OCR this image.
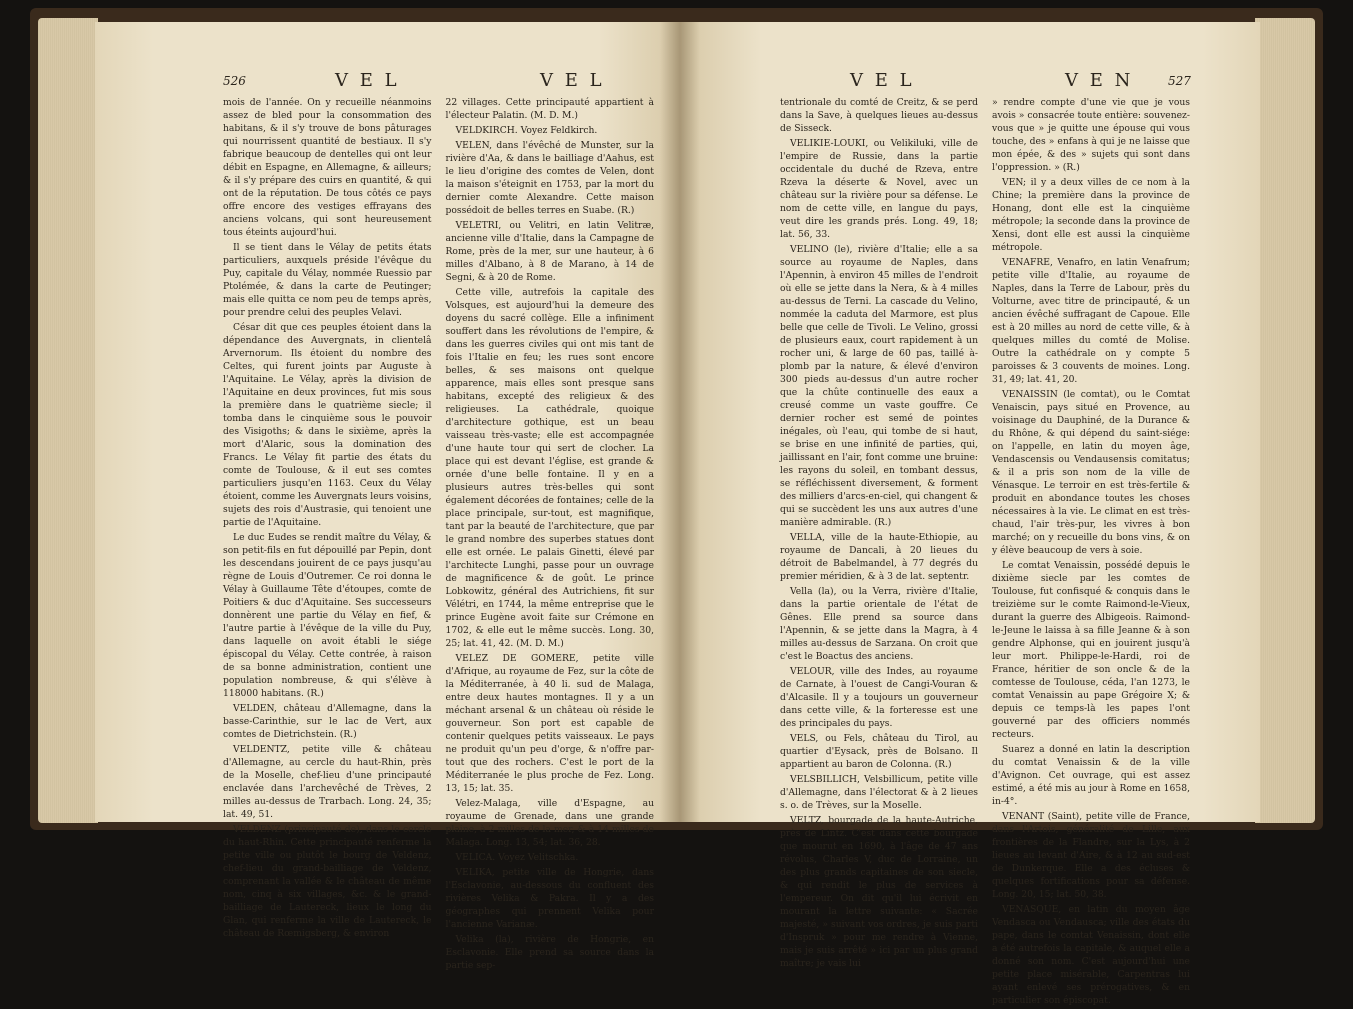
526	V E L	V E L

mois de l'année. On y recueille néanmoins assez de bled pour la consommation des habitans, & il s'y trouve de bons pâturages qui nourrissent quantité de bestiaux. Il s'y fabrique beaucoup de dentelles qui ont leur débit en Espagne, en Allemagne, & ailleurs; & il s'y prépare des cuirs en quantité, & qui ont de la réputation. De tous côtés ce pays offre encore des vestiges effrayans des anciens volcans, qui sont heureusement tous éteints aujourd'hui.

Il se tient dans le Vélay de petits états particuliers, auxquels préside l'évêque du Puy, capitale du Vélay, nommée Ruessio par Ptolémée, & dans la carte de Peutinger; mais elle quitta ce nom peu de temps après, pour prendre celui des peuples Velavi.

César dit que ces peuples étoient dans la dépendance des Auvergnats, in clientelâ Arvernorum. Ils étoient du nombre des Celtes, qui furent joints par Auguste à l'Aquitaine. Le Vélay, après la division de l'Aquitaine en deux provinces, fut mis sous la première dans le quatrième siecle; il tomba dans le cinquième sous le pouvoir des Visigoths; & dans le sixième, après la mort d'Alaric, sous la domination des Francs. Le Vélay fit partie des états du comte de Toulouse, & il eut ses comtes particuliers jusqu'en 1163. Ceux du Vélay étoient, comme les Auvergnats leurs voisins, sujets des rois d'Austrasie, qui tenoient une partie de l'Aquitaine.

Le duc Eudes se rendit maître du Vélay, & son petit-fils en fut dépouillé par Pepin, dont les descendans jouirent de ce pays jusqu'au règne de Louis d'Outremer. Ce roi donna le Vélay à Guillaume Tête d'étoupes, comte de Poitiers & duc d'Aquitaine. Ses successeurs donnèrent une partie du Vélay en fief, & l'autre partie à l'évêque de la ville du Puy, dans laquelle on avoit établi le siége épiscopal du Vélay. Cette contrée, à raison de sa bonne administration, contient une population nombreuse, & qui s'élève à 118000 habitans. (R.)

VELDEN, château d'Allemagne, dans la basse-Carinthie, sur le lac de Vert, aux comtes de Dietrichstein. (R.)

VELDENTZ, petite ville & château d'Allemagne, au cercle du haut-Rhin, près de la Moselle, chef-lieu d'une principauté enclavée dans l'archevêché de Trèves, 2 milles au-dessus de Trarbach. Long. 24, 35; lat. 49, 51.

VELDENZ (principauté de), dans le cercle du haut-Rhin. Cette principauté renferme la petite ville ou plutôt le bourg de Veldenz, chef-lieu du grand-bailliage de Veldenz, comprenant la vallée & le château de même nom, cinq à six villages, &c. & le grand-bailliage de Lautereck, lieux le long du Glan, qui renferme la ville de Lautereck, le château de Rœmigsberg, & environ

22 villages. Cette principauté appartient à l'électeur Palatin. (M. D. M.)

VELDKIRCH. Voyez Feldkirch.

VELEN, dans l'évêché de Munster, sur la rivière d'Aa, & dans le bailliage d'Aahus, est le lieu d'origine des comtes de Velen, dont la maison s'éteignit en 1753, par la mort du dernier comte Alexandre. Cette maison possédoit de belles terres en Suabe. (R.)

VELETRI, ou Velitri, en latin Velitræ, ancienne ville d'Italie, dans la Campagne de Rome, près de la mer, sur une hauteur, à 6 milles d'Albano, à 8 de Marano, à 14 de Segni, & à 20 de Rome.

Cette ville, autrefois la capitale des Volsques, est aujourd'hui la demeure des doyens du sacré collège. Elle a infiniment souffert dans les révolutions de l'empire, & dans les guerres civiles qui ont mis tant de fois l'Italie en feu; les rues sont encore belles, & ses maisons ont quelque apparence, mais elles sont presque sans habitans, excepté des religieux & des religieuses. La cathédrale, quoique d'architecture gothique, est un beau vaisseau très-vaste; elle est accompagnée d'une haute tour qui sert de clocher. La place qui est devant l'église, est grande & ornée d'une belle fontaine. Il y en a plusieurs autres très-belles qui sont également décorées de fontaines; celle de la place principale, sur-tout, est magnifique, tant par la beauté de l'architecture, que par le grand nombre des superbes statues dont elle est ornée. Le palais Ginetti, élevé par l'architecte Lunghi, passe pour un ouvrage de magnificence & de goût. Le prince Lobkowitz, général des Autrichiens, fit sur Vélétri, en 1744, la même entreprise que le prince Eugène avoit faite sur Crémone en 1702, & elle eut le même succès. Long. 30, 25; lat. 41, 42. (M. D. M.)

VELEZ DE GOMERE, petite ville d'Afrique, au royaume de Fez, sur la côte de la Méditerranée, à 40 li. sud de Malaga, entre deux hautes montagnes. Il y a un méchant arsenal & un château où réside le gouverneur. Son port est capable de contenir quelques petits vaisseaux. Le pays ne produit qu'un peu d'orge, & n'offre par-tout que des rochers. C'est le port de la Méditerranée le plus proche de Fez. Long. 13, 15; lat. 35.

Velez-Malaga, ville d'Espagne, au royaume de Grenade, dans une grande plaine, à 2 milles de la mer, & à 14 milles de Malaga. Long. 13, 54; lat. 36, 28.

VELICA. Voyez Velitschka.

VELIKA, petite ville de Hongrie, dans l'Esclavonie, au-dessous du confluent des rivières Velika & Pakra. Il y a des géographes qui prennent Velika pour l'ancienne Varianæ.

Velika (la), rivière de Hongrie, en Esclavonie. Elle prend sa source dans la partie sep-

V E L	V E N	527

tentrionale du comté de Creitz, & se perd dans la Save, à quelques lieues au-dessus de Sisseck.

VELIKIE-LOUKI, ou Velikiluki, ville de l'empire de Russie, dans la partie occidentale du duché de Rzeva, entre Rzeva la déserte & Novel, avec un château sur la rivière pour sa défense. Le nom de cette ville, en langue du pays, veut dire les grands prés. Long. 49, 18; lat. 56, 33.

VELINO (le), rivière d'Italie; elle a sa source au royaume de Naples, dans l'Apennin, à environ 45 milles de l'endroit où elle se jette dans la Nera, & à 4 milles au-dessus de Terni. La cascade du Velino, nommée la caduta del Marmore, est plus belle que celle de Tivoli. Le Velino, grossi de plusieurs eaux, court rapidement à un rocher uni, & large de 60 pas, taillé à-plomb par la nature, & élevé d'environ 300 pieds au-dessus d'un autre rocher que la chûte continuelle des eaux a creusé comme un vaste gouffre. Ce dernier rocher est semé de pointes inégales, où l'eau, qui tombe de si haut, se brise en une infinité de parties, qui, jaillissant en l'air, font comme une bruine: les rayons du soleil, en tombant dessus, se réfléchissent diversement, & forment des milliers d'arcs-en-ciel, qui changent & qui se succèdent les uns aux autres d'une manière admirable. (R.)

VELLA, ville de la haute-Ethiopie, au royaume de Dancali, à 20 lieues du détroit de Babelmandel, à 77 degrés du premier méridien, & à 3 de lat. septentr.

Vella (la), ou la Verra, rivière d'Italie, dans la partie orientale de l'état de Gênes. Elle prend sa source dans l'Apennin, & se jette dans la Magra, à 4 milles au-dessus de Sarzana. On croit que c'est le Boactus des anciens.

VELOUR, ville des Indes, au royaume de Carnate, à l'ouest de Cangi-Vouran & d'Alcasile. Il y a toujours un gouverneur dans cette ville, & la forteresse est une des principales du pays.

VELS, ou Fels, château du Tirol, au quartier d'Eysack, près de Bolsano. Il appartient au baron de Colonna. (R.)

VELSBILLICH, Velsbillicum, petite ville d'Allemagne, dans l'électorat & à 2 lieues s. o. de Trèves, sur la Moselle.

VELTZ, bourgade de la haute-Autriche, près de Lintz. C'est dans cette bourgade que mourut en 1690, à l'âge de 47 ans révolus, Charles V, duc de Lorraine, un des plus grands capitaines de son siecle, & qui rendit le plus de services à l'empereur. On dit qu'il lui écrivit en mourant la lettre suivante: « Sacrée majesté, » suivant vos ordres, je suis parti d'Inspruk » pour me rendre à Vienne, mais je suis arrêté » ici par un plus grand maître; je vais lui

» rendre compte d'une vie que je vous avois » consacrée toute entière: souvenez-vous que » je quitte une épouse qui vous touche, des » enfans à qui je ne laisse que mon épée, & des » sujets qui sont dans l'oppression. » (R.)

VEN; il y a deux villes de ce nom à la Chine; la première dans la province de Honang, dont elle est la cinquième métropole; la seconde dans la province de Xensi, dont elle est aussi la cinquième métropole.

VENAFRE, Venafro, en latin Venafrum; petite ville d'Italie, au royaume de Naples, dans la Terre de Labour, près du Volturne, avec titre de principauté, & un ancien évêché suffragant de Capoue. Elle est à 20 milles au nord de cette ville, & à quelques milles du comté de Molise. Outre la cathédrale on y compte 5 paroisses & 3 couvents de moines. Long. 31, 49; lat. 41, 20.

VENAISSIN (le comtat), ou le Comtat Venaiscin, pays situé en Provence, au voisinage du Dauphiné, de la Durance & du Rhône, & qui dépend du saint-siége: on l'appelle, en latin du moyen âge, Vendascensis ou Vendausensis comitatus; & il a pris son nom de la ville de Vénasque. Le terroir en est très-fertile & produit en abondance toutes les choses nécessaires à la vie. Le climat en est très-chaud, l'air très-pur, les vivres à bon marché; on y recueille du bons vins, & on y élève beaucoup de vers à soie.

Le comtat Venaissin, possédé depuis le dixième siecle par les comtes de Toulouse, fut confisqué & conquis dans le treizième sur le comte Raimond-le-Vieux, durant la guerre des Albigeois. Raimond-le-Jeune le laissa à sa fille Jeanne & à son gendre Alphonse, qui en jouirent jusqu'à leur mort. Philippe-le-Hardi, roi de France, héritier de son oncle & de la comtesse de Toulouse, céda, l'an 1273, le comtat Venaissin au pape Grégoire X; & depuis ce temps-là les papes l'ont gouverné par des officiers nommés recteurs.

Suarez a donné en latin la description du comtat Venaissin & de la ville d'Avignon. Cet ouvrage, qui est assez estimé, a été mis au jour à Rome en 1658, in-4°.

VENANT (Saint), petite ville de France, dans l'Artois, généralité de Lille, aux frontières de la Flandre, sur la Lys, à 2 lieues au levant d'Aire, & à 12 au sud-est de Dunkerque. Elle a des écluses & quelques fortifications pour sa défense. Long. 20, 15; lat. 50, 38.

VENASQUE, en latin du moyen âge Vendasca ou Vendausca; ville des états du pape, dans le comtat Venaissin, dont elle a été autrefois la capitale, & auquel elle a donné son nom. C'est aujourd'hui une petite place misérable, Carpentras lui ayant enlevé ses prérogatives, & en particulier son épiscopat.
